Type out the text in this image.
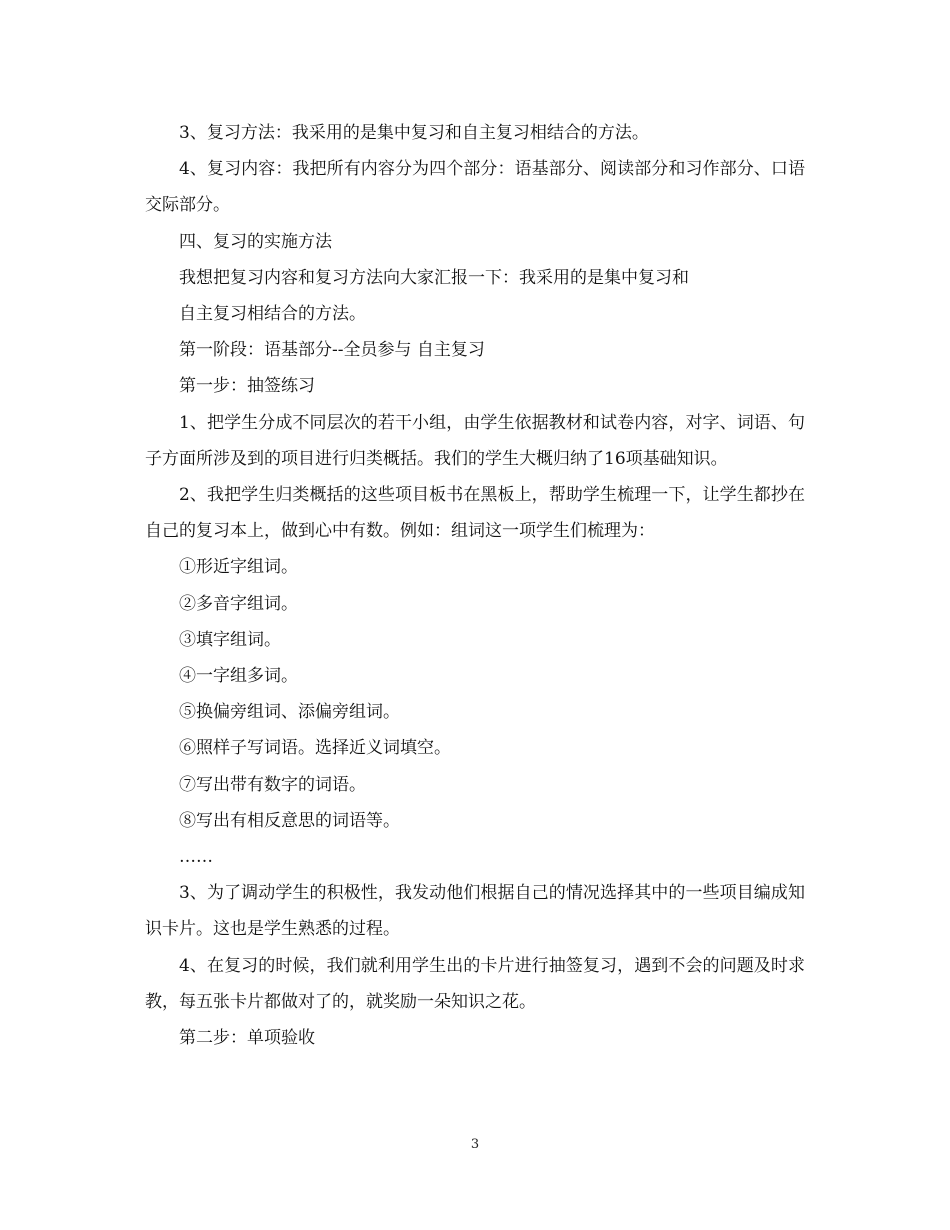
3、复习方法：我采用的是集中复习和自主复习相结合的方法。

4、复习内容：我把所有内容分为四个部分：语基部分、阅读部分和习作部分、口语交际部分。

四、复习的实施方法

我想把复习内容和复习方法向大家汇报一下：我采用的是集中复习和

自主复习相结合的方法。

第一阶段：语基部分--全员参与 自主复习

第一步：抽签练习

1、把学生分成不同层次的若干小组，由学生依据教材和试卷内容，对字、词语、句子方面所涉及到的项目进行归类概括。我们的学生大概归纳了16项基础知识。

2、我把学生归类概括的这些项目板书在黑板上，帮助学生梳理一下，让学生都抄在自己的复习本上，做到心中有数。例如：组词这一项学生们梳理为：

①形近字组词。

②多音字组词。

③填字组词。

④一字组多词。

⑤换偏旁组词、添偏旁组词。

⑥照样子写词语。选择近义词填空。

⑦写出带有数字的词语。

⑧写出有相反意思的词语等。

……

3、为了调动学生的积极性，我发动他们根据自己的情况选择其中的一些项目编成知识卡片。这也是学生熟悉的过程。

4、在复习的时候，我们就利用学生出的卡片进行抽签复习，遇到不会的问题及时求教，每五张卡片都做对了的，就奖励一朵知识之花。

第二步：单项验收

3
